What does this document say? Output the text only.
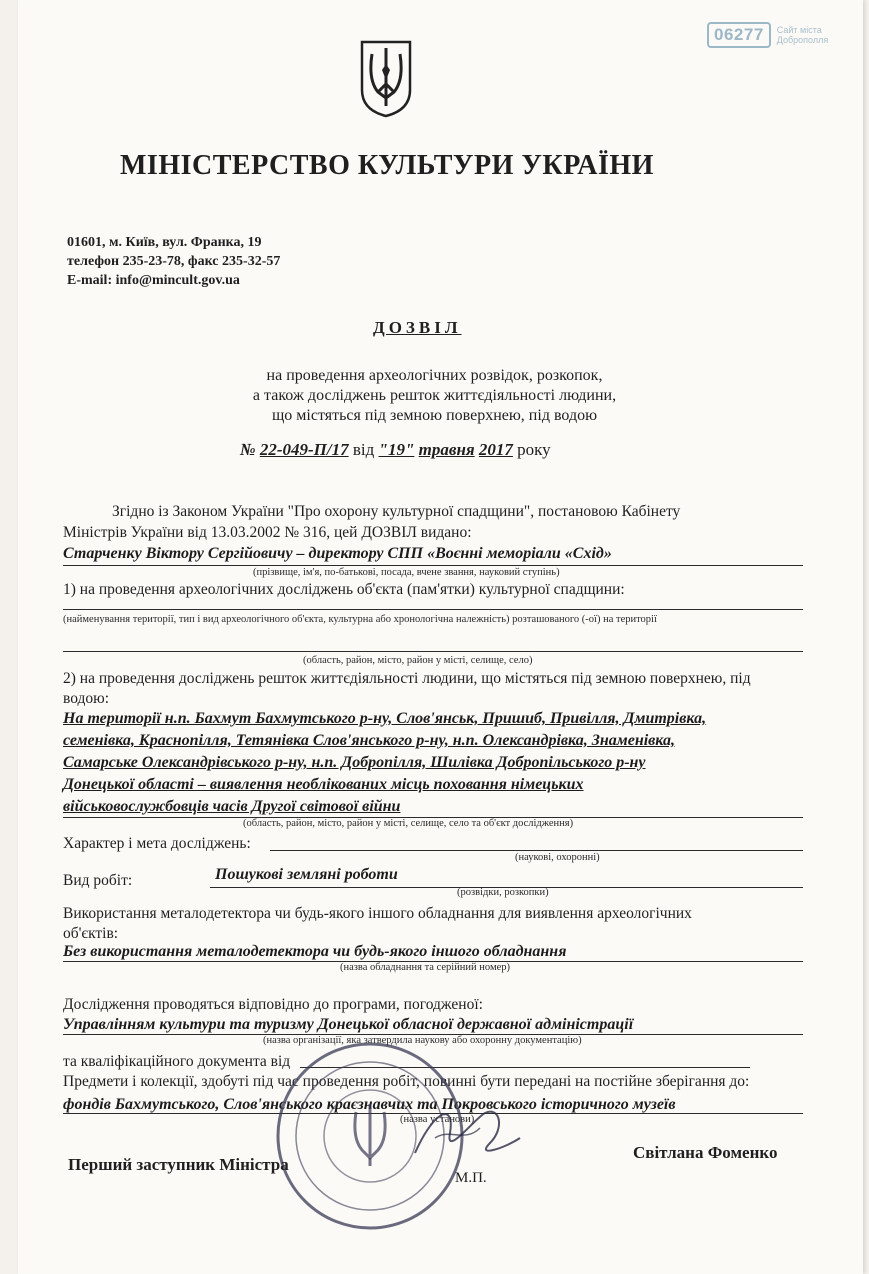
06277	Сайт міста
Доброполля
МІНІСТЕРСТВО КУЛЬТУРИ УКРАЇНИ
01601, м. Київ, вул. Франка, 19
телефон 235-23-78, факс 235-32-57
E-mail: info@mincult.gov.ua
ДОЗВІЛ
на проведення археологічних розвідок, розкопок,
а також досліджень решток життєдіяльності людини,
що містяться під земною поверхнею, під водою
№ 22-049-П/17 від "19" травня 2017 року
Згідно із Законом України "Про охорону культурної спадщини", постановою Кабінету
Міністрів України від 13.03.2002 № 316, цей ДОЗВІЛ видано:
Старченку Віктору Сергійовичу – директору СПП «Воєнні меморіали «Схід»
(прізвище, ім'я, по-батькові, посада, вчене звання, науковий ступінь)
1) на проведення археологічних досліджень об'єкта (пам'ятки) культурної спадщини:
(найменування території, тип і вид археологічного об'єкта, культурна або хронологічна належність) розташованого (-ої) на території
(область, район, місто, район у місті, селище, село)
2) на проведення досліджень решток життєдіяльності людини, що містяться під земною поверхнею, під
водою:
На території н.п. Бахмут Бахмутського р-ну, Слов'янськ, Пришиб, Привілля, Дмитрівка,
семенівка, Краснопілля, Тетянівка Слов'янського р-ну, н.п. Олександрівка, Знаменівка,
Самарське Олександрівського р-ну, н.п. Добропілля, Шилівка Добропільського р-ну
Донецької області – виявлення необлікованих місць поховання німецьких
військовослужбовців часів Другої світової війни
(область, район, місто, район у місті, селище, село та об'єкт дослідження)
Характер і мета досліджень:
(наукові, охоронні)
Вид робіт:	Пошукові земляні роботи
(розвідки, розкопки)
Використання металодетектора чи будь-якого іншого обладнання для виявлення археологічних
об'єктів:
Без використання металодетектора чи будь-якого іншого обладнання
(назва обладнання та серійний номер)
Дослідження проводяться відповідно до програми, погодженої:
Управлінням культури та туризму Донецької обласної державної адміністрації
(назва організації, яка затвердила наукову або охоронну документацію)
та кваліфікаційного документа від
Предмети і колекції, здобуті під час проведення робіт, повинні бути передані на постійне зберігання до:
фондів Бахмутського, Слов'янського краєзнавчих та Покровського історичного музеїв
(назва установи)
Перший заступник Міністра
М.П.
Світлана Фоменко
